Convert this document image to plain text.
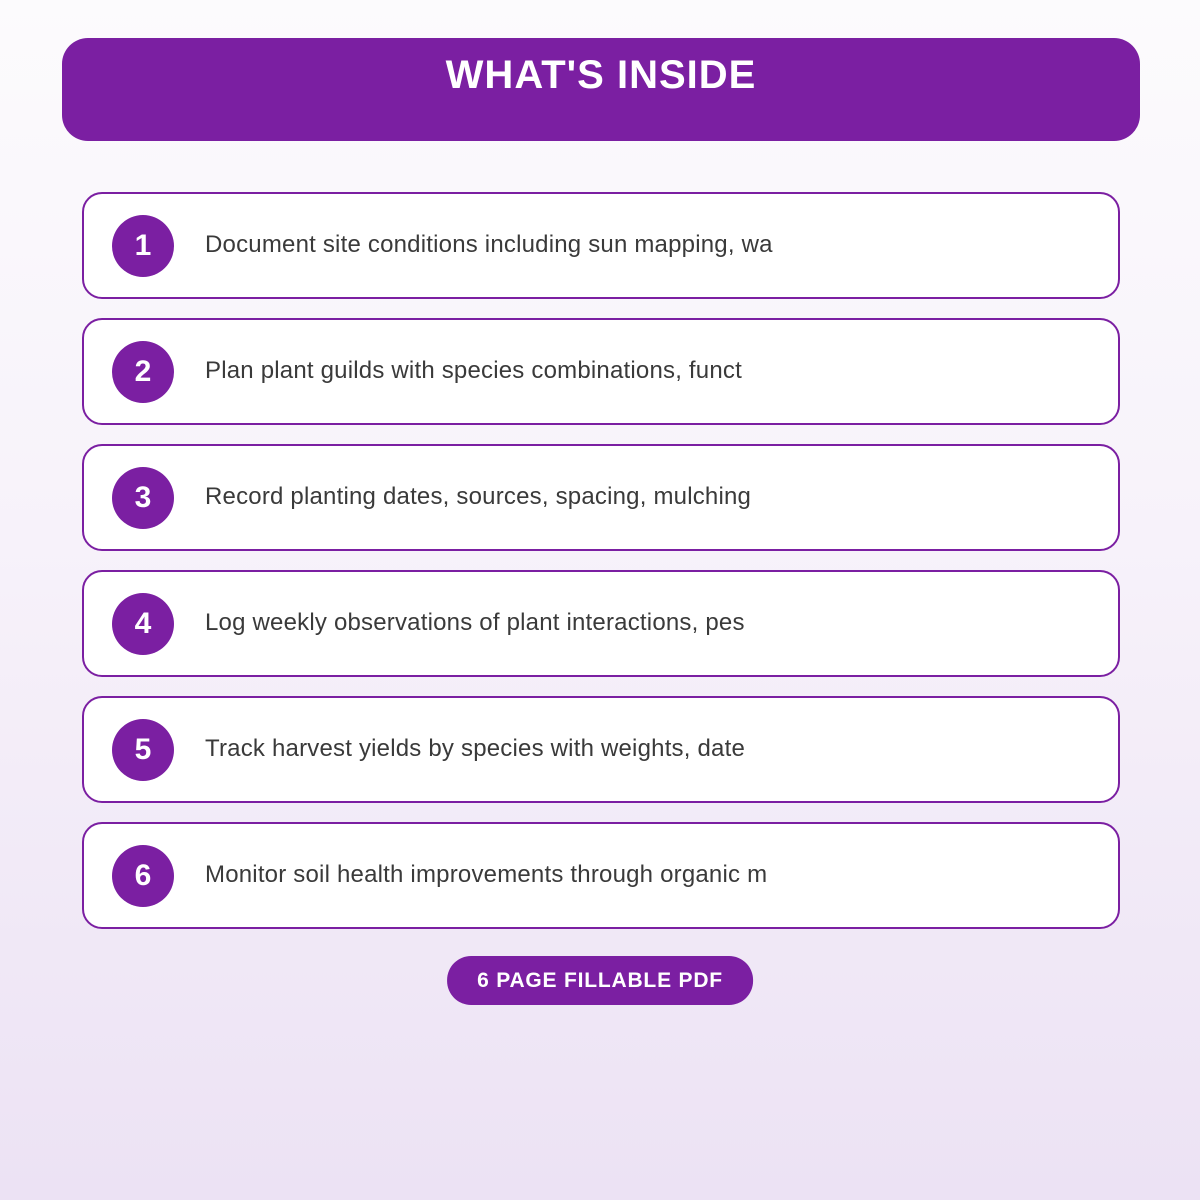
WHAT'S INSIDE
1	Document site conditions including sun mapping, wa
2	Plan plant guilds with species combinations, funct
3	Record planting dates, sources, spacing, mulching
4	Log weekly observations of plant interactions, pes
5	Track harvest yields by species with weights, date
6	Monitor soil health improvements through organic m
6 PAGE FILLABLE PDF
